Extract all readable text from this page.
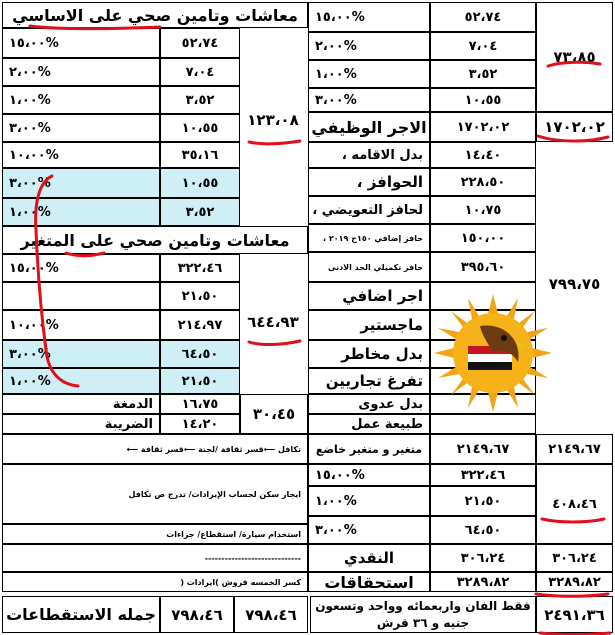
معاشات وتامين صحي على الاساسي
%١٥،٠٠	٥٢،٧٤
%٢،٠٠	٧،٠٤
%١،٠٠	٣،٥٢
%٣،٠٠	١٠،٥٥
%١٠،٠٠	٣٥،١٦
%٣،٠٠	١٠،٥٥
%١،٠٠	٣،٥٢
١٢٣،٠٨
معاشات وتامين صحي على المتغير
%١٥،٠٠	٣٢٢،٤٦
٢١،٥٠
%١٠،٠٠	٢١٤،٩٧
%٣،٠٠	٦٤،٥٠
%١،٠٠	٢١،٥٠
٦٤٤،٩٣
الدمغة	١٦،٧٥
الضريبة	١٤،٢٠
٣٠،٤٥
تكافل ⟵قسر ثقافة /لجنة ⟵قسر ثقافة ⟵
ايجار سكن لحساب الإيرادات/ تدرج ص تكافل
استخدام سيارة/ استقطاع/ جزاءات
-----------------------------
كسر الخمسه قروش )ايرادات (
جمله الاستقطاعات	٧٩٨،٤٦	٧٩٨،٤٦
%١٥،٠٠	٥٢،٧٤
%٢،٠٠	٧،٠٤
%١،٠٠	٣،٥٢
%٣،٠٠	١٠،٥٥
٧٣،٨٥
الاجر الوظيفي	١٧٠٢،٠٢	١٧٠٢،٠٢
بدل الاقامه ،	١٤،٤٠
الحوافز ،	٢٢٨،٥٠
لحافز التعويضي ،	١٠،٧٥
حافز إضافي ١٥٠ح ٢٠١٩ ،	١٥٠،٠٠
حافز تكميلي الحد الادنى	٣٩٥،٦٠
اجر اضافي
ماجستير
بدل مخاطر
تفرغ تجاريين
بدل عدوى
طبيعة عمل
٧٩٩،٧٥
متغير و متغير خاضع	٢١٤٩،٦٧	٢١٤٩،٦٧
%١٥،٠٠	٣٢٢،٤٦
%١،٠٠	٢١،٥٠
%٣،٠٠	٦٤،٥٠
٤٠٨،٤٦
النقدي	٣٠٦،٢٤	٣٠٦،٢٤
استحقاقات	٣٢٨٩،٨٢	٣٢٨٩،٨٢
فقط الفان واربعمائه وواحد وتسعون جنيه و ٣٦ قرش	٢٤٩١،٣٦
